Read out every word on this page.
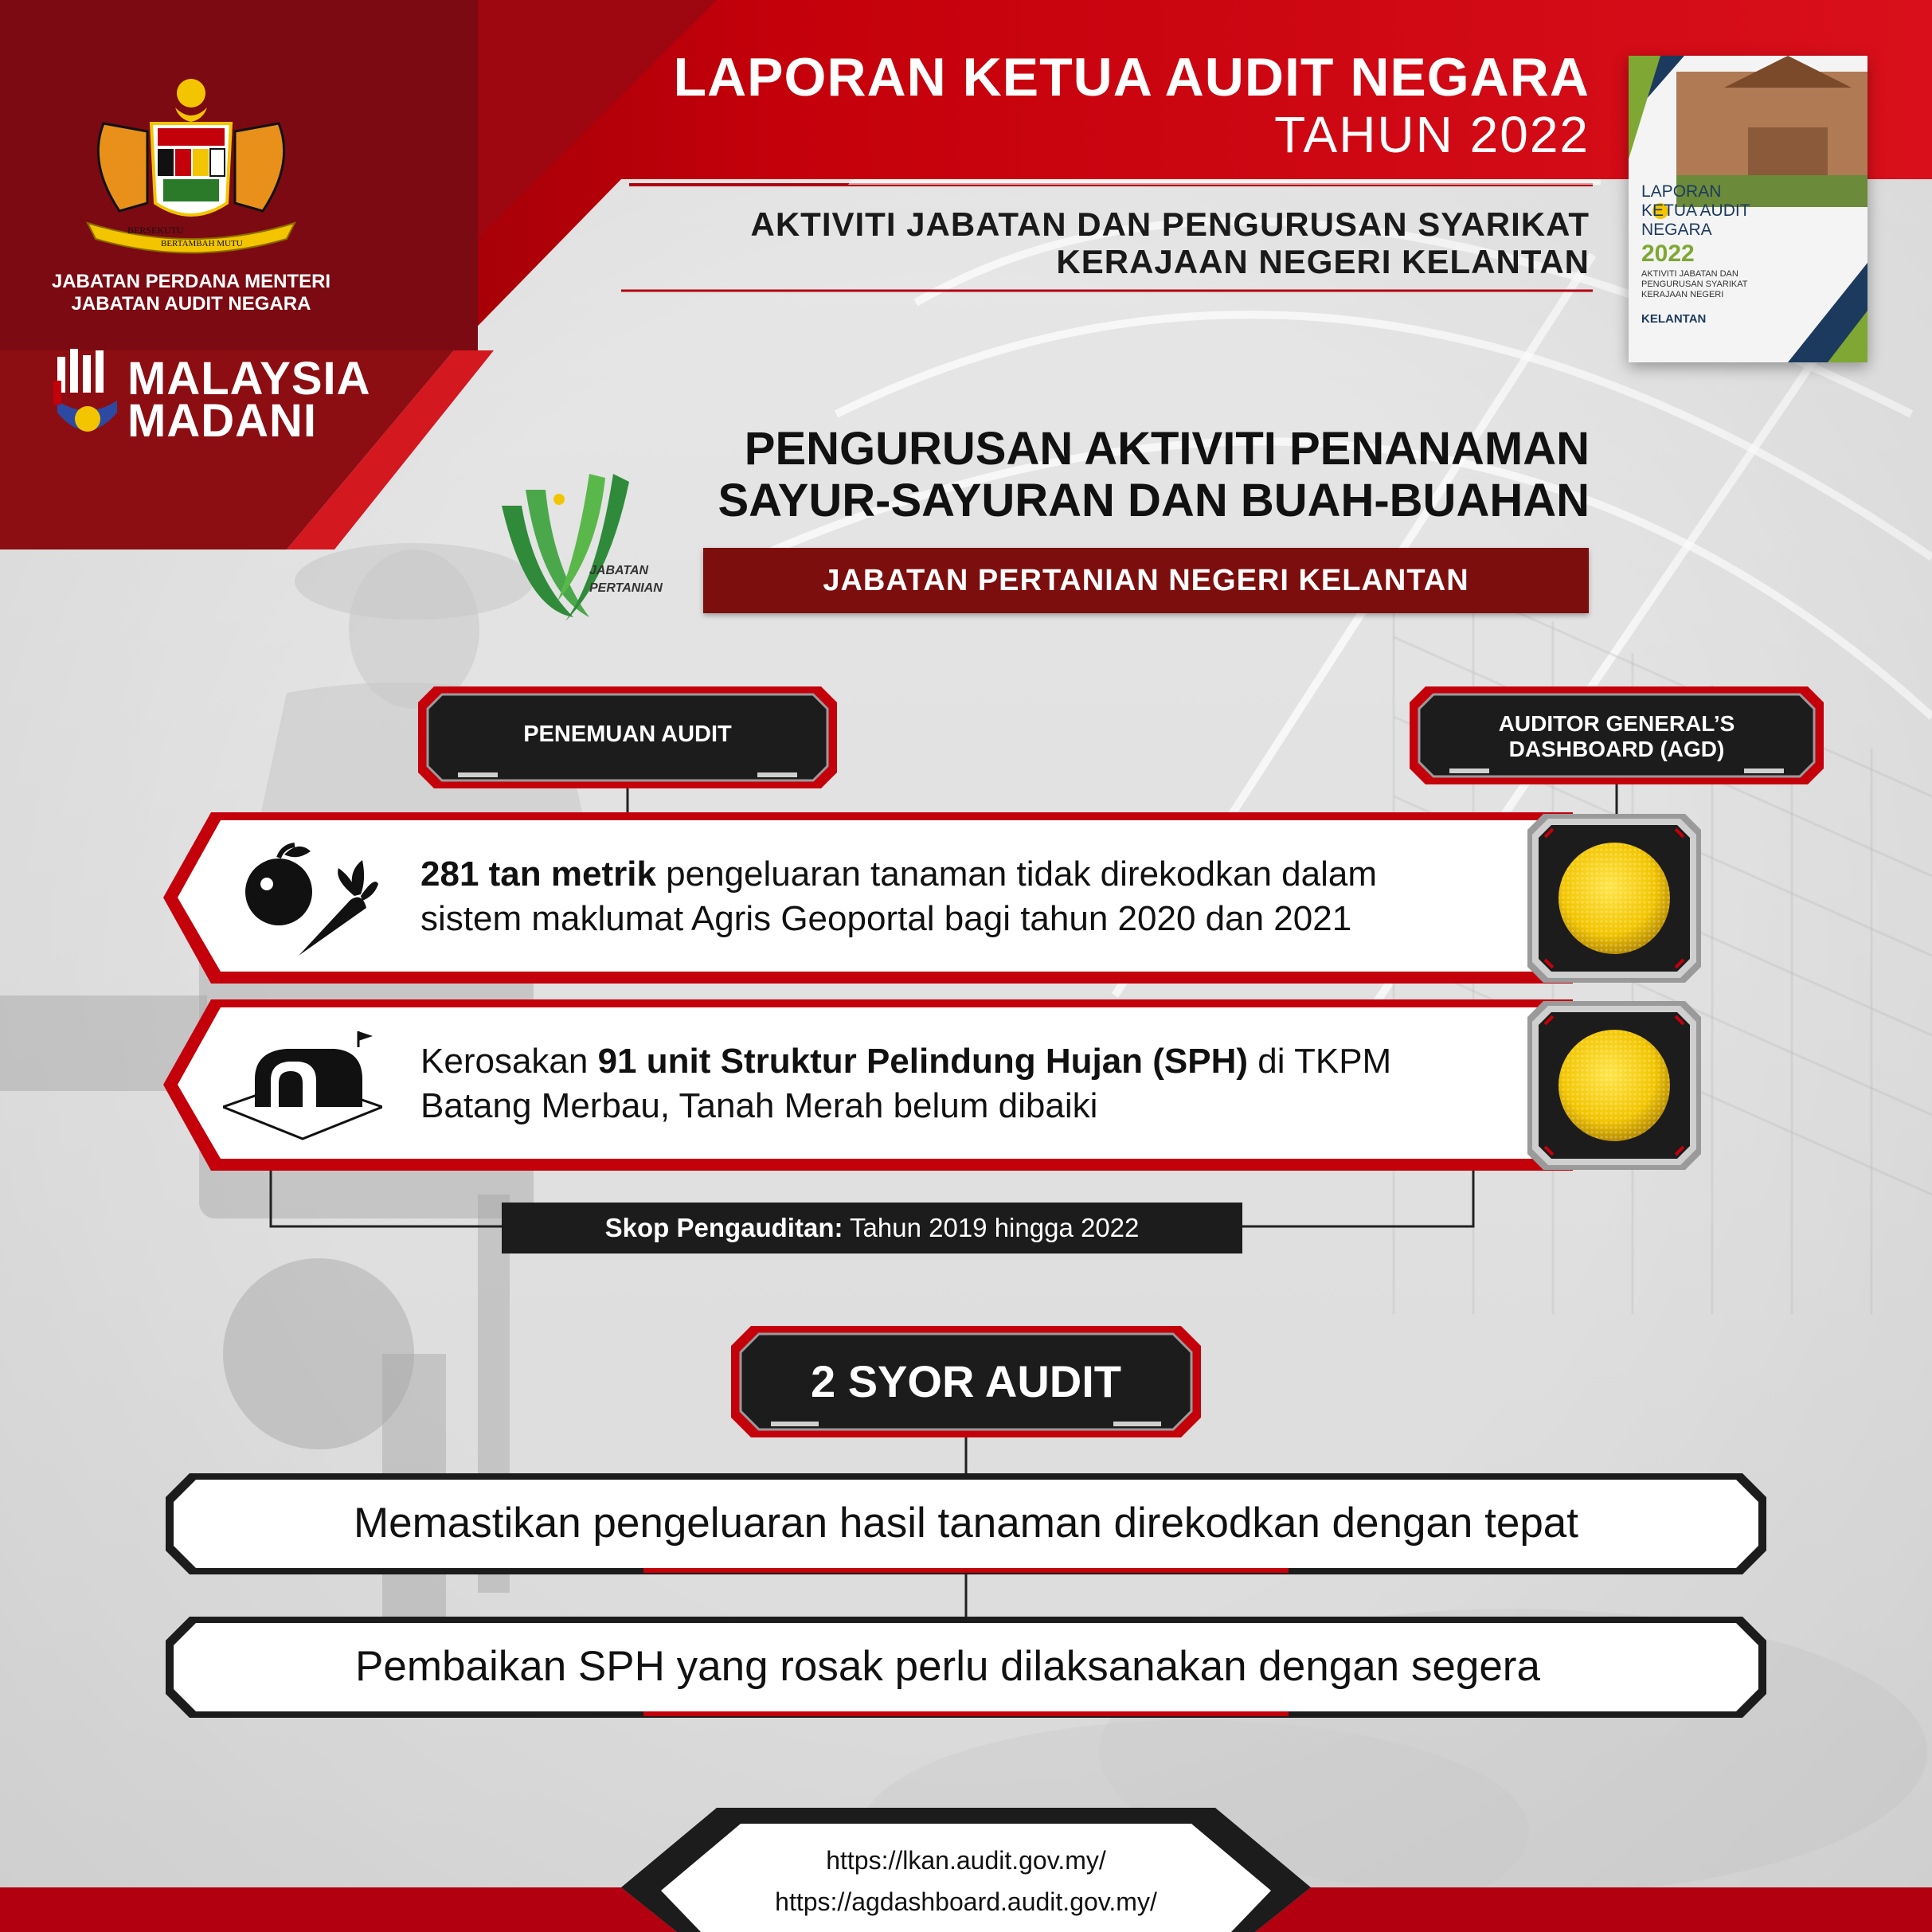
BERSEKUTU
BERTAMBAH MUTU
JABATAN PERDANA MENTERI
JABATAN AUDIT NEGARA
MALAYSIA
MADANI
LAPORAN KETUA AUDIT NEGARA
TAHUN 2022
AKTIVITI JABATAN DAN PENGURUSAN SYARIKAT
KERAJAAN NEGERI KELANTAN
LAPORAN
KETUA AUDIT
NEGARA
2022
AKTIVITI JABATAN DAN PENGURUSAN SYARIKAT KERAJAAN NEGERI
KELANTAN
JABATAN
PERTANIAN
PENGURUSAN AKTIVITI PENANAMAN
SAYUR-SAYURAN DAN BUAH-BUAHAN
JABATAN PERTANIAN NEGERI KELANTAN
PENEMUAN AUDIT	AUDITOR GENERAL’S
DASHBOARD (AGD)
281 tan metrik pengeluaran tanaman tidak direkodkan dalam
sistem maklumat Agris Geoportal bagi tahun 2020 dan 2021
Kerosakan 91 unit Struktur Pelindung Hujan (SPH) di TKPM
Batang Merbau, Tanah Merah belum dibaiki
Skop Pengauditan: Tahun 2019 hingga 2022
2 SYOR AUDIT
Memastikan pengeluaran hasil tanaman direkodkan dengan tepat
Pembaikan SPH yang rosak perlu dilaksanakan dengan segera
https://lkan.audit.gov.my/
https://agdashboard.audit.gov.my/
